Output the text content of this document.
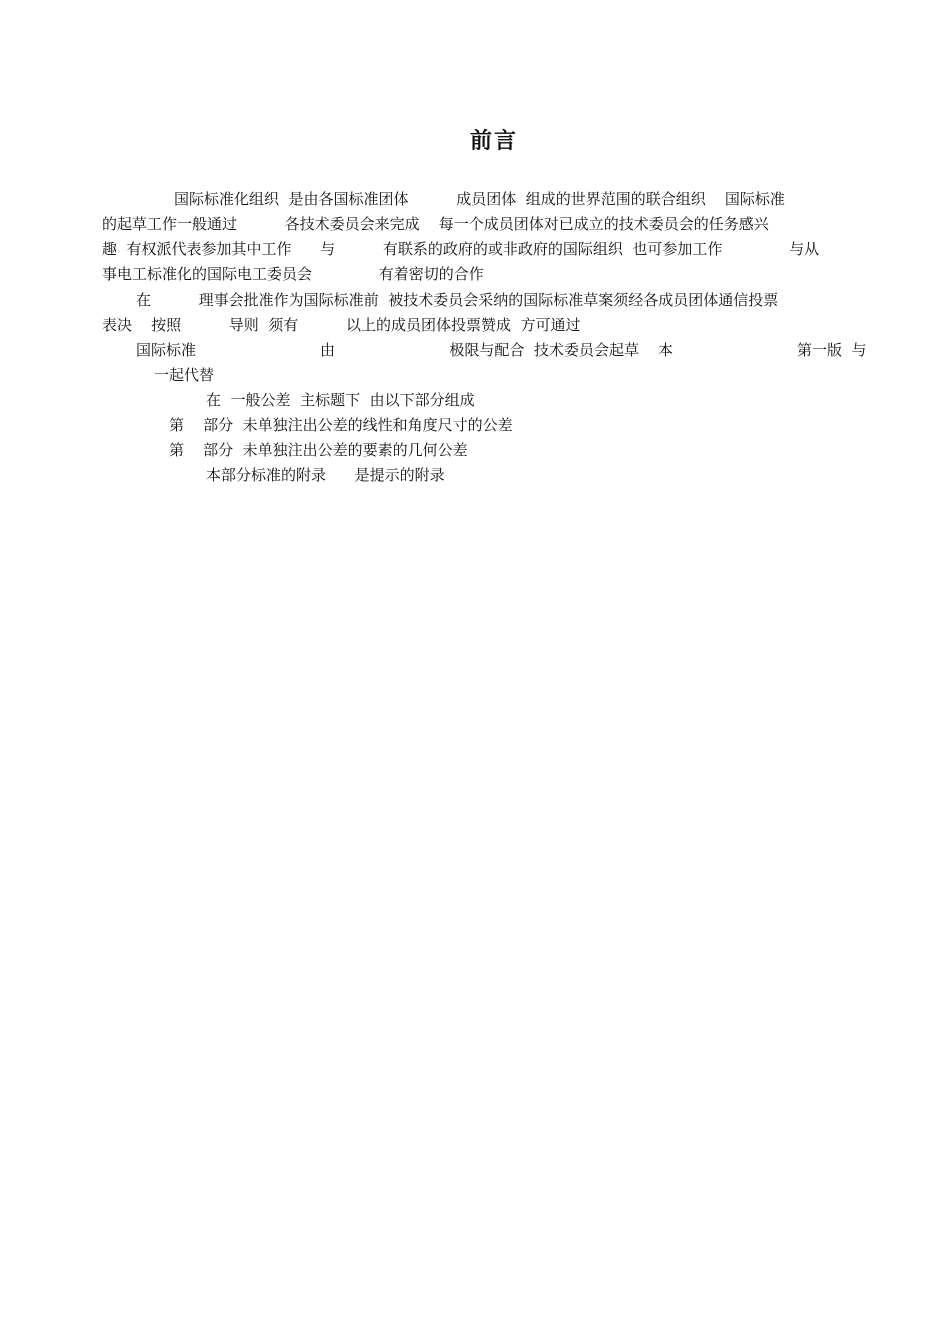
前言
国际标准化组织  是由各国标准团体          成员团体  组成的世界范围的联合组织    国际标准
的起草工作一般通过          各技术委员会来完成    每一个成员团体对已成立的技术委员会的任务感兴
趣  有权派代表参加其中工作      与          有联系的政府的或非政府的国际组织  也可参加工作              与从
事电工标准化的国际电工委员会              有着密切的合作
在          理事会批准作为国际标准前  被技术委员会采纳的国际标准草案须经各成员团体通信投票
表决    按照          导则  须有          以上的成员团体投票赞成  方可通过
国际标准                          由                        极限与配合  技术委员会起草    本                          第一版  与
一起代替
在  一般公差  主标题下  由以下部分组成
第    部分  未单独注出公差的线性和角度尺寸的公差
第    部分  未单独注出公差的要素的几何公差
本部分标准的附录      是提示的附录
